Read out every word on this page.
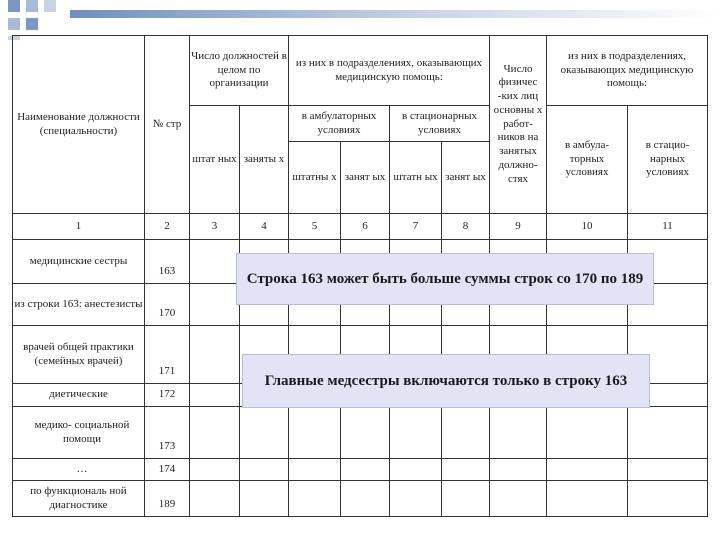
Наименование должности (специальности)	№ стр	Число должностей в целом по организации		из них в подразделениях, оказывающих медицинскую помощь:				Число физичес -ких лиц основны х работ- ников на занятых должно- стях	из них в подразделениях, оказывающих медицинскую помощь:	
		штат ных	заняты х	в амбулаторных условиях		в стационарных условиях			в амбула- торных условиях	в стацио- нарных условиях
				штатны х	занят ых	штатн ых	занят ых			
1	2	3	4	5	6	7	8	9	10	11
медицинские сестры	163									
из строки 163: анестезисты	170									
врачей общей практики (семейных врачей)	171									
диетические	172									
медико- социальной помощи	173									
…	174									
по функциональ ной диагностике	189									
Строка 163 может быть больше суммы строк со 170 по 189
Главные медсестры включаются только в строку 163
